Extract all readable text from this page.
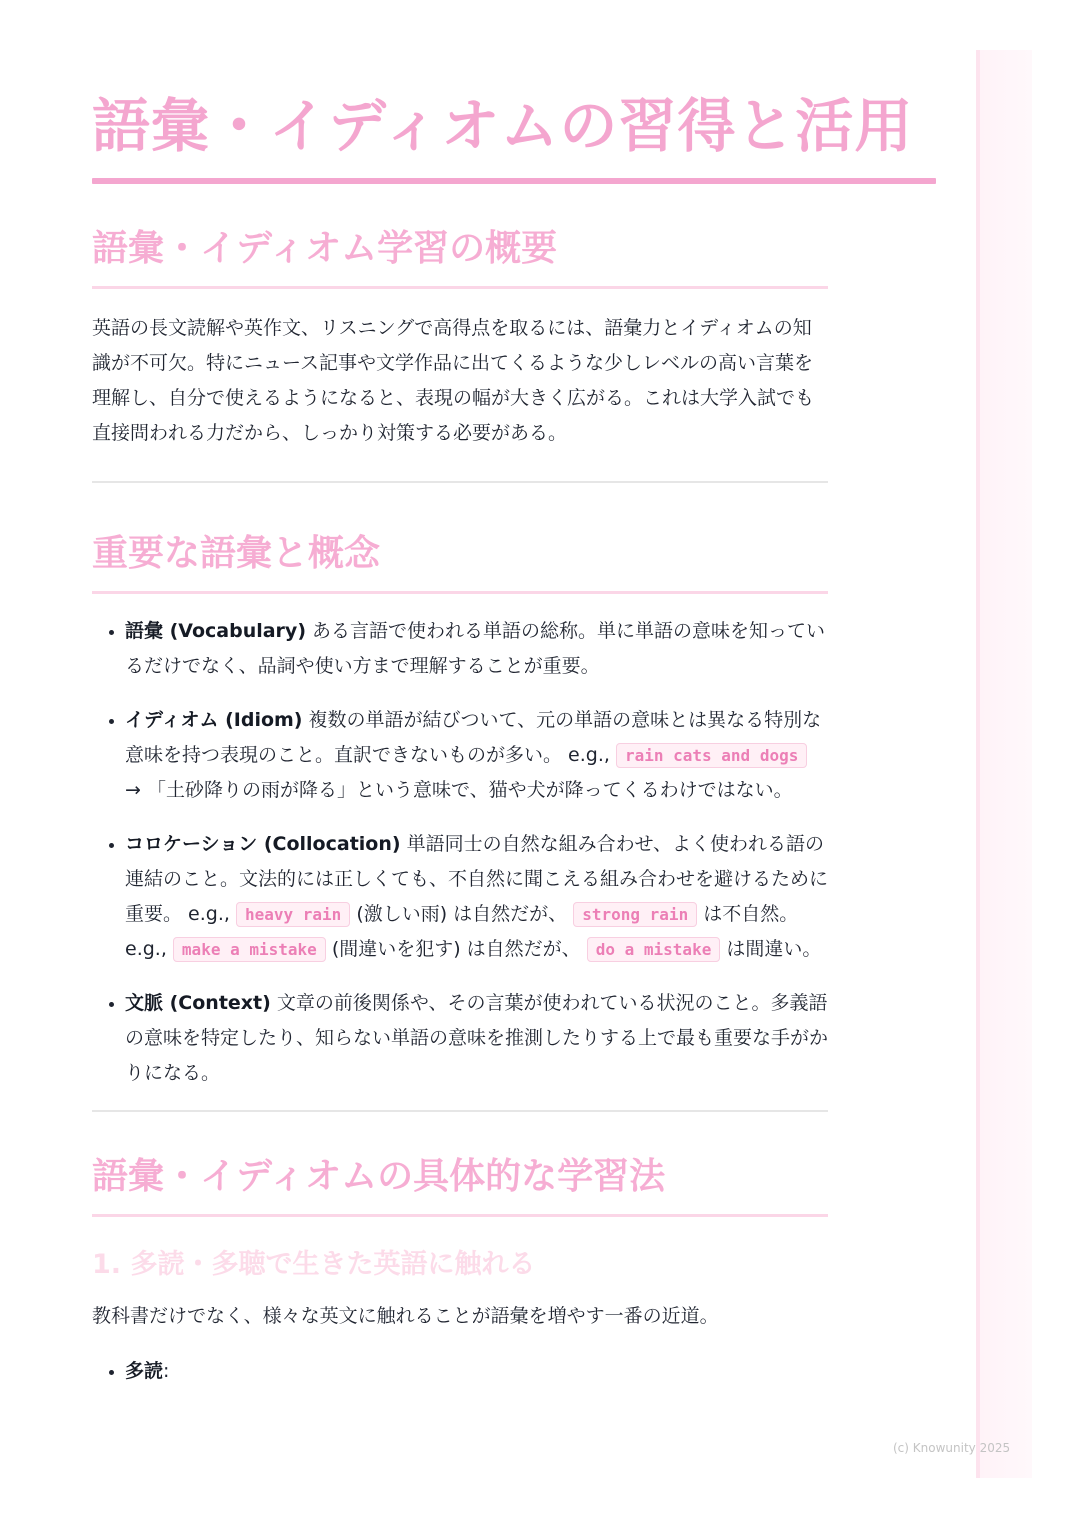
語彙・イディオムの習得と活用
語彙・イディオム学習の概要

英語の長文読解や英作文、リスニングで高得点を取るには、語彙力とイディオムの知識が不可欠。特にニュース記事や文学作品に出てくるような少しレベルの高い言葉を理解し、自分で使えるようになると、表現の幅が大きく広がる。これは大学入試でも直接問われる力だから、しっかり対策する必要がある。

重要な語彙と概念
• 語彙 (Vocabulary) ある言語で使われる単語の総称。単に単語の意味を知っているだけでなく、品詞や使い方まで理解することが重要。
• イディオム (Idiom) 複数の単語が結びついて、元の単語の意味とは異なる特別な意味を持つ表現のこと。直訳できないものが多い。 e.g., rain cats and dogs → 「土砂降りの雨が降る」という意味で、猫や犬が降ってくるわけではない。
• コロケーション (Collocation) 単語同士の自然な組み合わせ、よく使われる語の連結のこと。文法的には正しくても、不自然に聞こえる組み合わせを避けるために重要。 e.g., heavy rain (激しい雨) は自然だが、 strong rain は不自然。 e.g., make a mistake (間違いを犯す) は自然だが、 do a mistake は間違い。
• 文脈 (Context) 文章の前後関係や、その言葉が使われている状況のこと。多義語の意味を特定したり、知らない単語の意味を推測したりする上で最も重要な手がかりになる。
語彙・イディオムの具体的な学習法
1. 多読・多聴で生きた英語に触れる

教科書だけでなく、様々な英文に触れることが語彙を増やす一番の近道。

• 多読:
(c) Knowunity 2025
